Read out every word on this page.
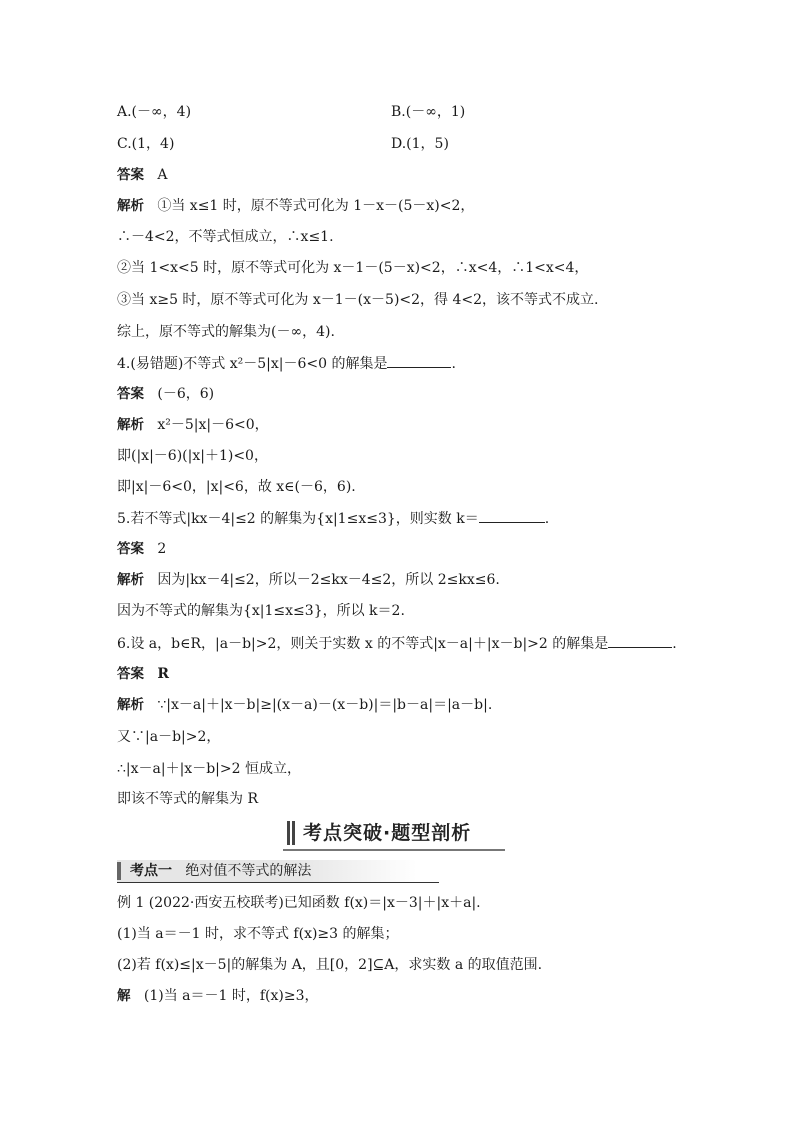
A.(－∞，4)	B.(－∞，1)
C.(1，4)	D.(1，5)
答案 A
解析 ①当 x≤1 时，原不等式可化为 1－x－(5－x)<2，
∴－4<2，不等式恒成立，∴x≤1.
②当 1<x<5 时，原不等式可化为 x－1－(5－x)<2，∴x<4，∴1<x<4，
③当 x≥5 时，原不等式可化为 x－1－(x－5)<2，得 4<2，该不等式不成立.
综上，原不等式的解集为(－∞，4).
4.(易错题)不等式 x²－5|x|－6<0 的解集是	.
答案 (－6，6)
解析 x²－5|x|－6<0，
即(|x|－6)(|x|＋1)<0，
即|x|－6<0，|x|<6，故 x∈(－6，6).
5.若不等式|kx－4|≤2 的解集为{x|1≤x≤3}，则实数 k＝	.
答案 2
解析 因为|kx－4|≤2，所以－2≤kx－4≤2，所以 2≤kx≤6.
因为不等式的解集为{x|1≤x≤3}，所以 k＝2.
6.设 a，b∈R，|a－b|>2，则关于实数 x 的不等式|x－a|＋|x－b|>2 的解集是	.
答案 R
解析 ∵|x－a|＋|x－b|≥|(x－a)－(x－b)|＝|b－a|＝|a－b|.
又∵|a－b|>2，
∴|x－a|＋|x－b|>2 恒成立，
即该不等式的解集为 R
考点突破·题型剖析
考点一 绝对值不等式的解法
例 1 (2022·西安五校联考)已知函数 f(x)＝|x－3|＋|x＋a|.
(1)当 a＝－1 时，求不等式 f(x)≥3 的解集；
(2)若 f(x)≤|x－5|的解集为 A，且[0，2]⊆A，求实数 a 的取值范围.
解 (1)当 a＝－1 时，f(x)≥3，
